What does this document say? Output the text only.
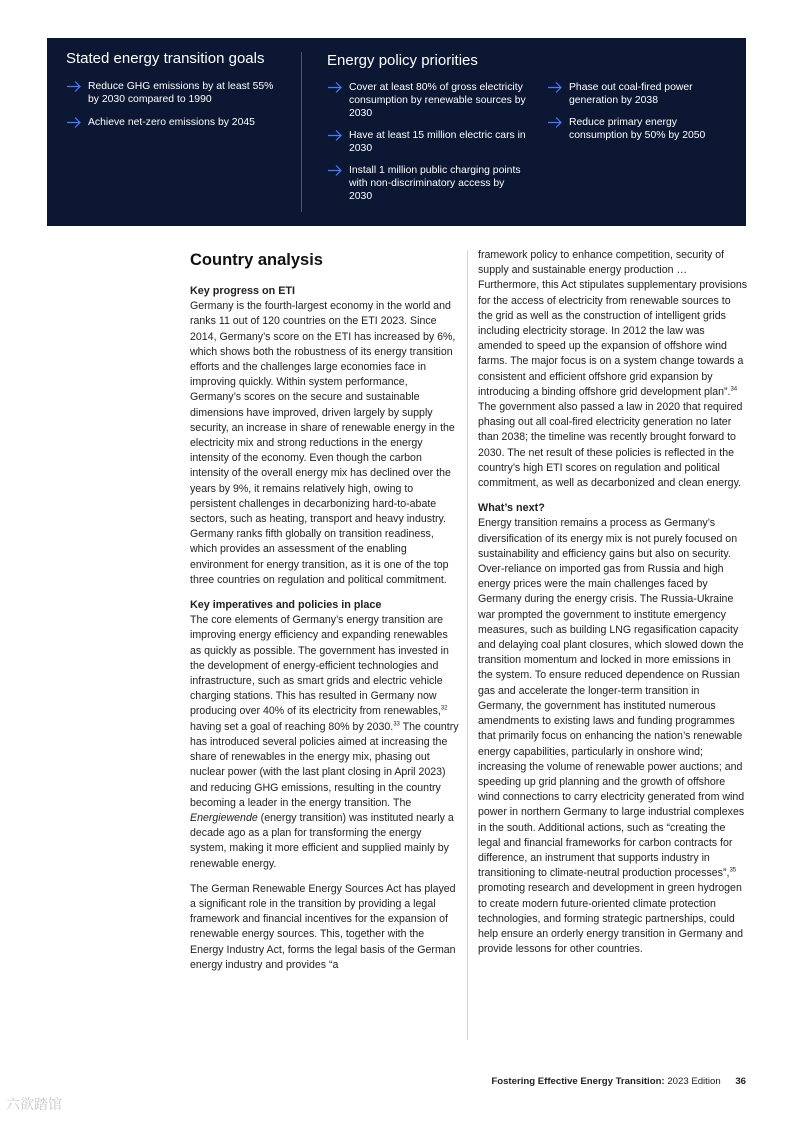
Stated energy transition goals
Reduce GHG emissions by at least 55% by 2030 compared to 1990
Achieve net-zero emissions by 2045
Energy policy priorities
Cover at least 80% of gross electricity consumption by renewable sources by 2030
Have at least 15 million electric cars in 2030
Install 1 million public charging points with non-discriminatory access by 2030
Phase out coal-fired power generation by 2038
Reduce primary energy consumption by 50% by 2050
Country analysis

Key progress on ETI

Germany is the fourth-largest economy in the world and ranks 11 out of 120 countries on the ETI 2023. Since 2014, Germany’s score on the ETI has increased by 6%, which shows both the robustness of its energy transition efforts and the challenges large economies face in improving quickly. Within system performance, Germany’s scores on the secure and sustainable dimensions have improved, driven largely by supply security, an increase in share of renewable energy in the electricity mix and strong reductions in the energy intensity of the economy. Even though the carbon intensity of the overall energy mix has declined over the years by 9%, it remains relatively high, owing to persistent challenges in decarbonizing hard-to-abate sectors, such as heating, transport and heavy industry. Germany ranks fifth globally on transition readiness, which provides an assessment of the enabling environment for energy transition, as it is one of the top three countries on regulation and political commitment.

Key imperatives and policies in place

The core elements of Germany’s energy transition are improving energy efficiency and expanding renewables as quickly as possible. The government has invested in the development of energy-efficient technologies and infrastructure, such as smart grids and electric vehicle charging stations. This has resulted in Germany now producing over 40% of its electricity from renewables,$^{32}$ having set a goal of reaching 80% by 2030.33 The country has introduced several policies aimed at increasing the share of renewables in the energy mix, phasing out nuclear power (with the last plant closing in April 2023) and reducing GHG emissions, resulting in the country becoming a leader in the energy transition. The Energiewende (energy transition) was instituted nearly a decade ago as a plan for transforming the energy system, making it more efficient and supplied mainly by renewable energy.

The German Renewable Energy Sources Act has played a significant role in the transition by providing a legal framework and financial incentives for the expansion of renewable energy sources. This, together with the Energy Industry Act, forms the legal basis of the German energy industry and provides “a

framework policy to enhance competition, security of supply and sustainable energy production … Furthermore, this Act stipulates supplementary provisions for the access of electricity from renewable sources to the grid as well as the construction of intelligent grids including electricity storage. In 2012 the law was amended to speed up the expansion of offshore wind farms. The major focus is on a system change towards a consistent and efficient offshore grid expansion by introducing a binding offshore grid development plan”.$^{34}$ The government also passed a law in 2020 that required phasing out all coal-fired electricity generation no later than 2038; the timeline was recently brought forward to 2030. The net result of these policies is reflected in the country’s high ETI scores on regulation and political commitment, as well as decarbonized and clean energy.

What’s next?

Energy transition remains a process as Germany’s diversification of its energy mix is not purely focused on sustainability and efficiency gains but also on security. Over-reliance on imported gas from Russia and high energy prices were the main challenges faced by Germany during the energy crisis. The Russia-Ukraine war prompted the government to institute emergency measures, such as building LNG regasification capacity and delaying coal plant closures, which slowed down the transition momentum and locked in more emissions in the system. To ensure reduced dependence on Russian gas and accelerate the longer-term transition in Germany, the government has instituted numerous amendments to existing laws and funding programmes that primarily focus on enhancing the nation’s renewable energy capabilities, particularly in onshore wind; increasing the volume of renewable power auctions; and speeding up grid planning and the growth of offshore wind connections to carry electricity generated from wind power in northern Germany to large industrial complexes in the south. Additional actions, such as “creating the legal and financial frameworks for carbon contracts for difference, an instrument that supports industry in transitioning to climate-neutral production processes”,$^{35}$ promoting research and development in green hydrogen to create modern future-oriented climate protection technologies, and forming strategic partnerships, could help ensure an orderly energy transition in Germany and provide lessons for other countries.

Fostering Effective Energy Transition: 2023 Edition 36
六欲踏馆
